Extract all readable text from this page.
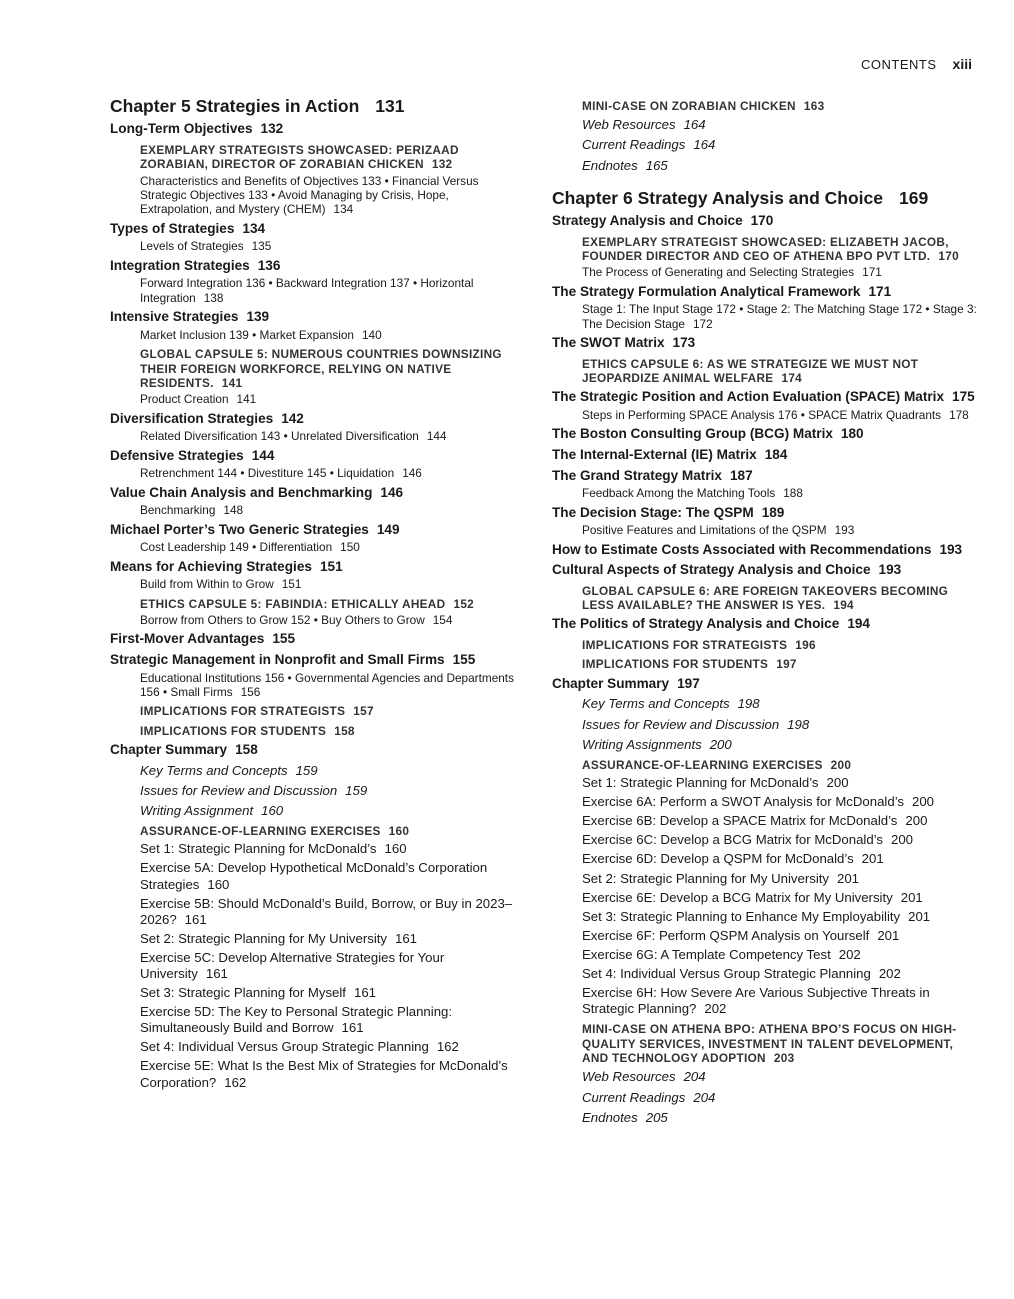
CONTENTS xiii
Chapter 5 Strategies in Action 131
Long-Term Objectives 132
EXEMPLARY STRATEGISTS SHOWCASED: PERIZAAD ZORABIAN, DIRECTOR OF ZORABIAN CHICKEN 132
Characteristics and Benefits of Objectives 133 • Financial Versus Strategic Objectives 133 • Avoid Managing by Crisis, Hope, Extrapolation, and Mystery (CHEM) 134
Types of Strategies 134
Levels of Strategies 135
Integration Strategies 136
Forward Integration 136 • Backward Integration 137 • Horizontal Integration 138
Intensive Strategies 139
Market Inclusion 139 • Market Expansion 140
GLOBAL CAPSULE 5: NUMEROUS COUNTRIES DOWNSIZING THEIR FOREIGN WORKFORCE, RELYING ON NATIVE RESIDENTS. 141
Product Creation 141
Diversification Strategies 142
Related Diversification 143 • Unrelated Diversification 144
Defensive Strategies 144
Retrenchment 144 • Divestiture 145 • Liquidation 146
Value Chain Analysis and Benchmarking 146
Benchmarking 148
Michael Porter’s Two Generic Strategies 149
Cost Leadership 149 • Differentiation 150
Means for Achieving Strategies 151
Build from Within to Grow 151
ETHICS CAPSULE 5: FABINDIA: ETHICALLY AHEAD 152
Borrow from Others to Grow 152 • Buy Others to Grow 154
First-Mover Advantages 155
Strategic Management in Nonprofit and Small Firms 155
Educational Institutions 156 • Governmental Agencies and Departments 156 • Small Firms 156
IMPLICATIONS FOR STRATEGISTS 157
IMPLICATIONS FOR STUDENTS 158
Chapter Summary 158
Key Terms and Concepts 159
Issues for Review and Discussion 159
Writing Assignment 160
ASSURANCE-OF-LEARNING EXERCISES 160
Set 1: Strategic Planning for McDonald’s 160
Exercise 5A: Develop Hypothetical McDonald’s Corporation Strategies 160
Exercise 5B: Should McDonald’s Build, Borrow, or Buy in 2023–2026? 161
Set 2: Strategic Planning for My University 161
Exercise 5C: Develop Alternative Strategies for Your University 161
Set 3: Strategic Planning for Myself 161
Exercise 5D: The Key to Personal Strategic Planning: Simultaneously Build and Borrow 161
Set 4: Individual Versus Group Strategic Planning 162
Exercise 5E: What Is the Best Mix of Strategies for McDonald’s Corporation? 162
MINI-CASE ON ZORABIAN CHICKEN 163
Web Resources 164
Current Readings 164
Endnotes 165
Chapter 6 Strategy Analysis and Choice 169
Strategy Analysis and Choice 170
EXEMPLARY STRATEGIST SHOWCASED: ELIZABETH JACOB, FOUNDER DIRECTOR AND CEO OF ATHENA BPO PVT LTD. 170
The Process of Generating and Selecting Strategies 171
The Strategy Formulation Analytical Framework 171
Stage 1: The Input Stage 172 • Stage 2: The Matching Stage 172 • Stage 3: The Decision Stage 172
The SWOT Matrix 173
ETHICS CAPSULE 6: AS WE STRATEGIZE WE MUST NOT JEOPARDIZE ANIMAL WELFARE 174
The Strategic Position and Action Evaluation (SPACE) Matrix 175
Steps in Performing SPACE Analysis 176 • SPACE Matrix Quadrants 178
The Boston Consulting Group (BCG) Matrix 180
The Internal-External (IE) Matrix 184
The Grand Strategy Matrix 187
Feedback Among the Matching Tools 188
The Decision Stage: The QSPM 189
Positive Features and Limitations of the QSPM 193
How to Estimate Costs Associated with Recommendations 193
Cultural Aspects of Strategy Analysis and Choice 193
GLOBAL CAPSULE 6: ARE FOREIGN TAKEOVERS BECOMING LESS AVAILABLE? THE ANSWER IS YES. 194
The Politics of Strategy Analysis and Choice 194
IMPLICATIONS FOR STRATEGISTS 196
IMPLICATIONS FOR STUDENTS 197
Chapter Summary 197
Key Terms and Concepts 198
Issues for Review and Discussion 198
Writing Assignments 200
ASSURANCE-OF-LEARNING EXERCISES 200
Set 1: Strategic Planning for McDonald’s 200
Exercise 6A: Perform a SWOT Analysis for McDonald’s 200
Exercise 6B: Develop a SPACE Matrix for McDonald’s 200
Exercise 6C: Develop a BCG Matrix for McDonald’s 200
Exercise 6D: Develop a QSPM for McDonald’s 201
Set 2: Strategic Planning for My University 201
Exercise 6E: Develop a BCG Matrix for My University 201
Set 3: Strategic Planning to Enhance My Employability 201
Exercise 6F: Perform QSPM Analysis on Yourself 201
Exercise 6G: A Template Competency Test 202
Set 4: Individual Versus Group Strategic Planning 202
Exercise 6H: How Severe Are Various Subjective Threats in Strategic Planning? 202
MINI-CASE ON ATHENA BPO: ATHENA BPO’S FOCUS ON HIGH-QUALITY SERVICES, INVESTMENT IN TALENT DEVELOPMENT, AND TECHNOLOGY ADOPTION 203
Web Resources 204
Current Readings 204
Endnotes 205
